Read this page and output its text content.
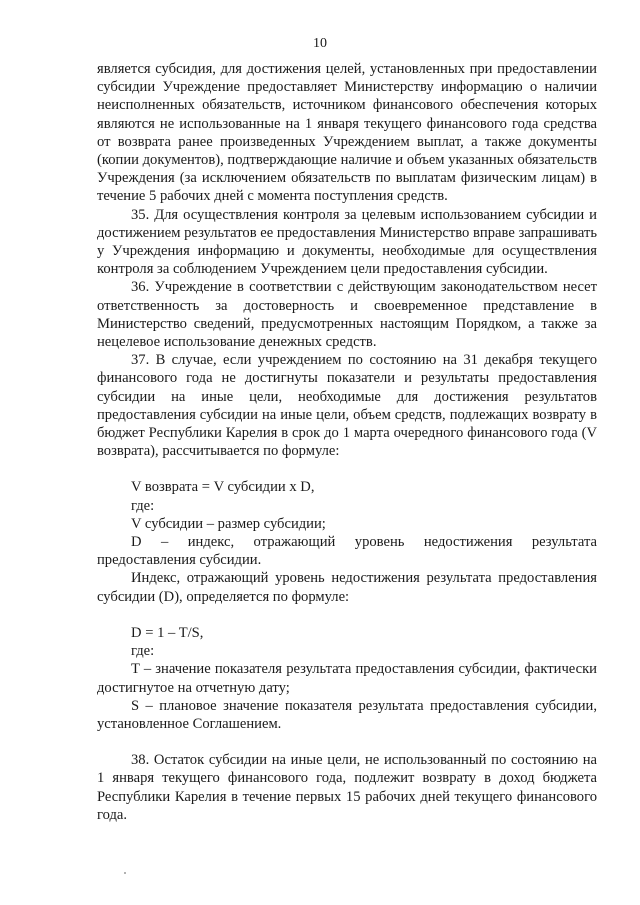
10

является субсидия, для достижения целей, установленных при предоставлении субсидии Учреждение предоставляет Министерству информацию о наличии неисполненных обязательств, источником финансового обеспечения которых являются не использованные на 1 января текущего финансового года средства от возврата ранее произведенных Учреждением выплат, а также документы (копии документов), подтверждающие наличие и объем указанных обязательств Учреждения (за исключением обязательств по выплатам физическим лицам) в течение 5 рабочих дней с момента поступления средств.

35. Для осуществления контроля за целевым использованием субсидии и достижением результатов ее предоставления Министерство вправе запрашивать у Учреждения информацию и документы, необходимые для осуществления контроля за соблюдением Учреждением цели предоставления субсидии.

36. Учреждение в соответствии с действующим законодательством несет ответственность за достоверность и своевременное представление в Министерство сведений, предусмотренных настоящим Порядком, а также за нецелевое использование денежных средств.

37. В случае, если учреждением по состоянию на 31 декабря текущего финансового года не достигнуты показатели и результаты предоставления субсидии на иные цели, необходимые для достижения результатов предоставления субсидии на иные цели, объем средств, подлежащих возврату в бюджет Республики Карелия в срок до 1 марта очередного финансового года (V возврата), рассчитывается по формуле:

V возврата = V субсидии х D,

где:

V субсидии – размер субсидии;

D – индекс, отражающий уровень недостижения результата предоставления субсидии.

Индекс, отражающий уровень недостижения результата предоставления субсидии (D), определяется по формуле:

D = 1 – T/S,

где:

T – значение показателя результата предоставления субсидии, фактически достигнутое на отчетную дату;

S – плановое значение показателя результата предоставления субсидии, установленное Соглашением.

38. Остаток субсидии на иные цели, не использованный по состоянию на 1 января текущего финансового года, подлежит возврату в доход бюджета Республики Карелия в течение первых 15 рабочих дней текущего финансового года.
